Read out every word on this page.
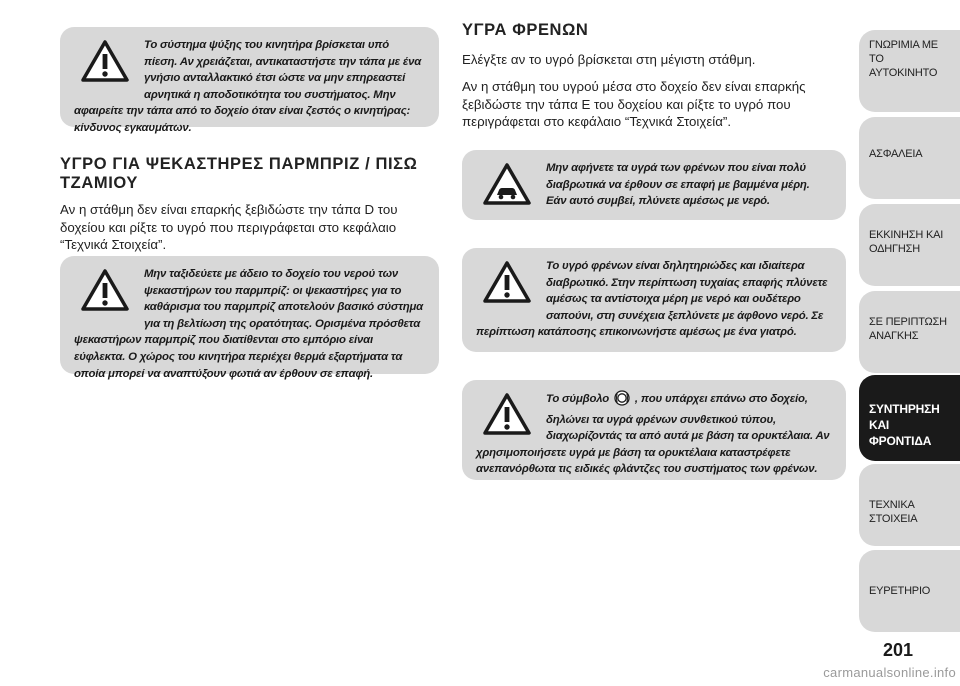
Το σύστημα ψύξης του κινητήρα βρίσκεται υπό πίεση. Αν χρειάζεται, αντικαταστήστε την τάπα με ένα γνήσιο ανταλλακτικό έτσι ώστε να μην επηρεαστεί αρνητικά η αποδοτικότητα του συστήματος. Μην αφαιρείτε την τάπα από το δοχείο όταν είναι ζεστός ο κινητήρας: κίνδυνος εγκαυμάτων.
ΥΓΡΟ ΓΙΑ ΨΕΚΑΣΤΗΡΕΣ ΠΑΡΜΠΡΙΖ / ΠΙΣΩ ΤΖΑΜΙΟΥ

Αν η στάθμη δεν είναι επαρκής ξεβιδώστε την τάπα D του δοχείου και ρίξτε το υγρό που περιγράφεται στο κεφάλαιο “Τεχνικά Στοιχεία”.

Μην ταξιδεύετε με άδειο το δοχείο του νερού των ψεκαστήρων του παρμπρίζ: οι ψεκαστήρες για το καθάρισμα του παρμπρίζ αποτελούν βασικό σύστημα για τη βελτίωση της ορατότητας. Ορισμένα πρόσθετα ψεκαστήρων παρμπρίζ που διατίθενται στο εμπόριο είναι εύφλεκτα. Ο χώρος του κινητήρα περιέχει θερμά εξαρτήματα τα οποία μπορεί να αναπτύξουν φωτιά αν έρθουν σε επαφή.
ΥΓΡΑ ΦΡΕΝΩΝ

Ελέγξτε αν το υγρό βρίσκεται στη μέγιστη στάθμη.

Αν η στάθμη του υγρού μέσα στο δοχείο δεν είναι επαρκής ξεβιδώστε την τάπα Ε του δοχείου και ρίξτε το υγρό που περιγράφεται στο κεφάλαιο “Τεχνικά Στοιχεία”.

Μην αφήνετε τα υγρά των φρένων που είναι πολύ διαβρωτικά να έρθουν σε επαφή με βαμμένα μέρη. Εάν αυτό συμβεί, πλύνετε αμέσως με νερό.
Το υγρό φρένων είναι δηλητηριώδες και ιδιαίτερα διαβρωτικό. Στην περίπτωση τυχαίας επαφής πλύνετε αμέσως τα αντίστοιχα μέρη με νερό και ουδέτερο σαπούνι, στη συνέχεια ξεπλύνετε με άφθονο νερό. Σε περίπτωση κατάποσης επικοινωνήστε αμέσως με ένα γιατρό.
Το σύμβολο , που υπάρχει επάνω στο δοχείο, δηλώνει τα υγρά φρένων συνθετικού τύπου, διαχωρίζοντάς τα από αυτά με βάση τα ορυκτέλαια. Αν χρησιμοποιήσετε υγρά με βάση τα ορυκτέλαια καταστρέφετε ανεπανόρθωτα τις ειδικές φλάντζες του συστήματος των φρένων.
ΓΝΩΡΙΜΙΑ ΜΕ ΤΟ ΑΥΤΟΚΙΝΗΤΟ
ΑΣΦΑΛΕΙΑ
ΕΚΚΙΝΗΣΗ ΚΑΙ ΟΔΗΓΗΣΗ
ΣΕ ΠΕΡΙΠΤΩΣΗ ΑΝΑΓΚΗΣ
ΣΥΝΤΗΡΗΣΗ ΚΑΙ ΦΡΟΝΤΙΔΑ
ΤΕΧΝΙΚΑ ΣΤΟΙΧΕΙΑ
ΕΥΡΕΤΗΡΙΟ
201
carmanualsonline.info
